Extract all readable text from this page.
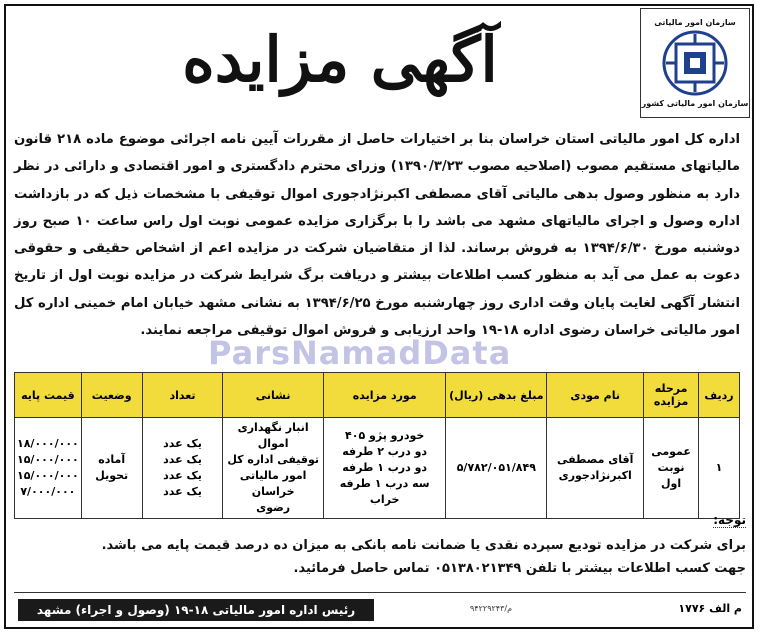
سازمان امور مالیاتی
سازمان امور مالیاتی کشور
آگهی مزایده
اداره کل امور مالیاتی استان خراسان بنا بر اختیارات حاصل از مقررات آیین نامه اجرائی موضوع ماده ۲۱۸ قانون مالیاتهای مستقیم مصوب (اصلاحیه مصوب ۱۳۹۰/۳/۲۳) وزرای محترم دادگستری و امور اقتصادی و دارائی در نظر دارد به منظور وصول بدهی مالیاتی آقای مصطفی اکبرنژادجوری اموال توقیفی با مشخصات ذیل که در بازداشت اداره وصول و اجرای مالیاتهای مشهد می باشد را با برگزاری مزایده عمومی نوبت اول راس ساعت ۱۰ صبح روز دوشنبه مورخ ۱۳۹۴/۶/۳۰ به فروش برساند. لذا از متقاضیان شرکت در مزایده اعم از اشخاص حقیقی و حقوقی دعوت به عمل می آید به منظور کسب اطلاعات بیشتر و دریافت برگ شرایط شرکت در مزایده نوبت اول از تاریخ انتشار آگهی لغایت پایان وقت اداری روز چهارشنبه مورخ ۱۳۹۴/۶/۲۵ به نشانی مشهد خیابان امام خمینی اداره کل امور مالیاتی خراسان رضوی اداره ۱۸-۱۹ واحد ارزیابی و فروش اموال توقیفی مراجعه نمایند.
ParsNamadData
ردیف	مرحله مزایده	نام مودی	مبلغ بدهی (ریال)	مورد مزایده	نشانی	تعداد	وضعیت	قیمت پایه
۱	عمومی
نوبت
اول	آقای مصطفی
اکبرنژادجوری	۵/۷۸۲/۰۵۱/۸۴۹	خودرو پژو ۴۰۵
دو درب ۲ طرفه
دو درب ۱ طرفه
سه درب ۱ طرفه خراب	انبار نگهداری اموال
توقیفی اداره کل
امور مالیاتی خراسان
رضوی	یک عدد
یک عدد
یک عدد
یک عدد	آماده
تحویل	۱۸/۰۰۰/۰۰۰
۱۵/۰۰۰/۰۰۰
۱۵/۰۰۰/۰۰۰
۷/۰۰۰/۰۰۰
توجه:
برای شرکت در مزایده تودیع سپرده نقدی یا ضمانت نامه بانکی به میزان ده درصد قیمت پایه می باشد.
جهت کسب اطلاعات بیشتر با تلفن ۰۵۱۳۸۰۲۱۳۴۹ تماس حاصل فرمائید.
رئیس اداره امور مالیاتی ۱۸-۱۹ (وصول و اجراء) مشهد	۹۴۲۲۹۲۴۳/م	م الف ۱۷۷۶
